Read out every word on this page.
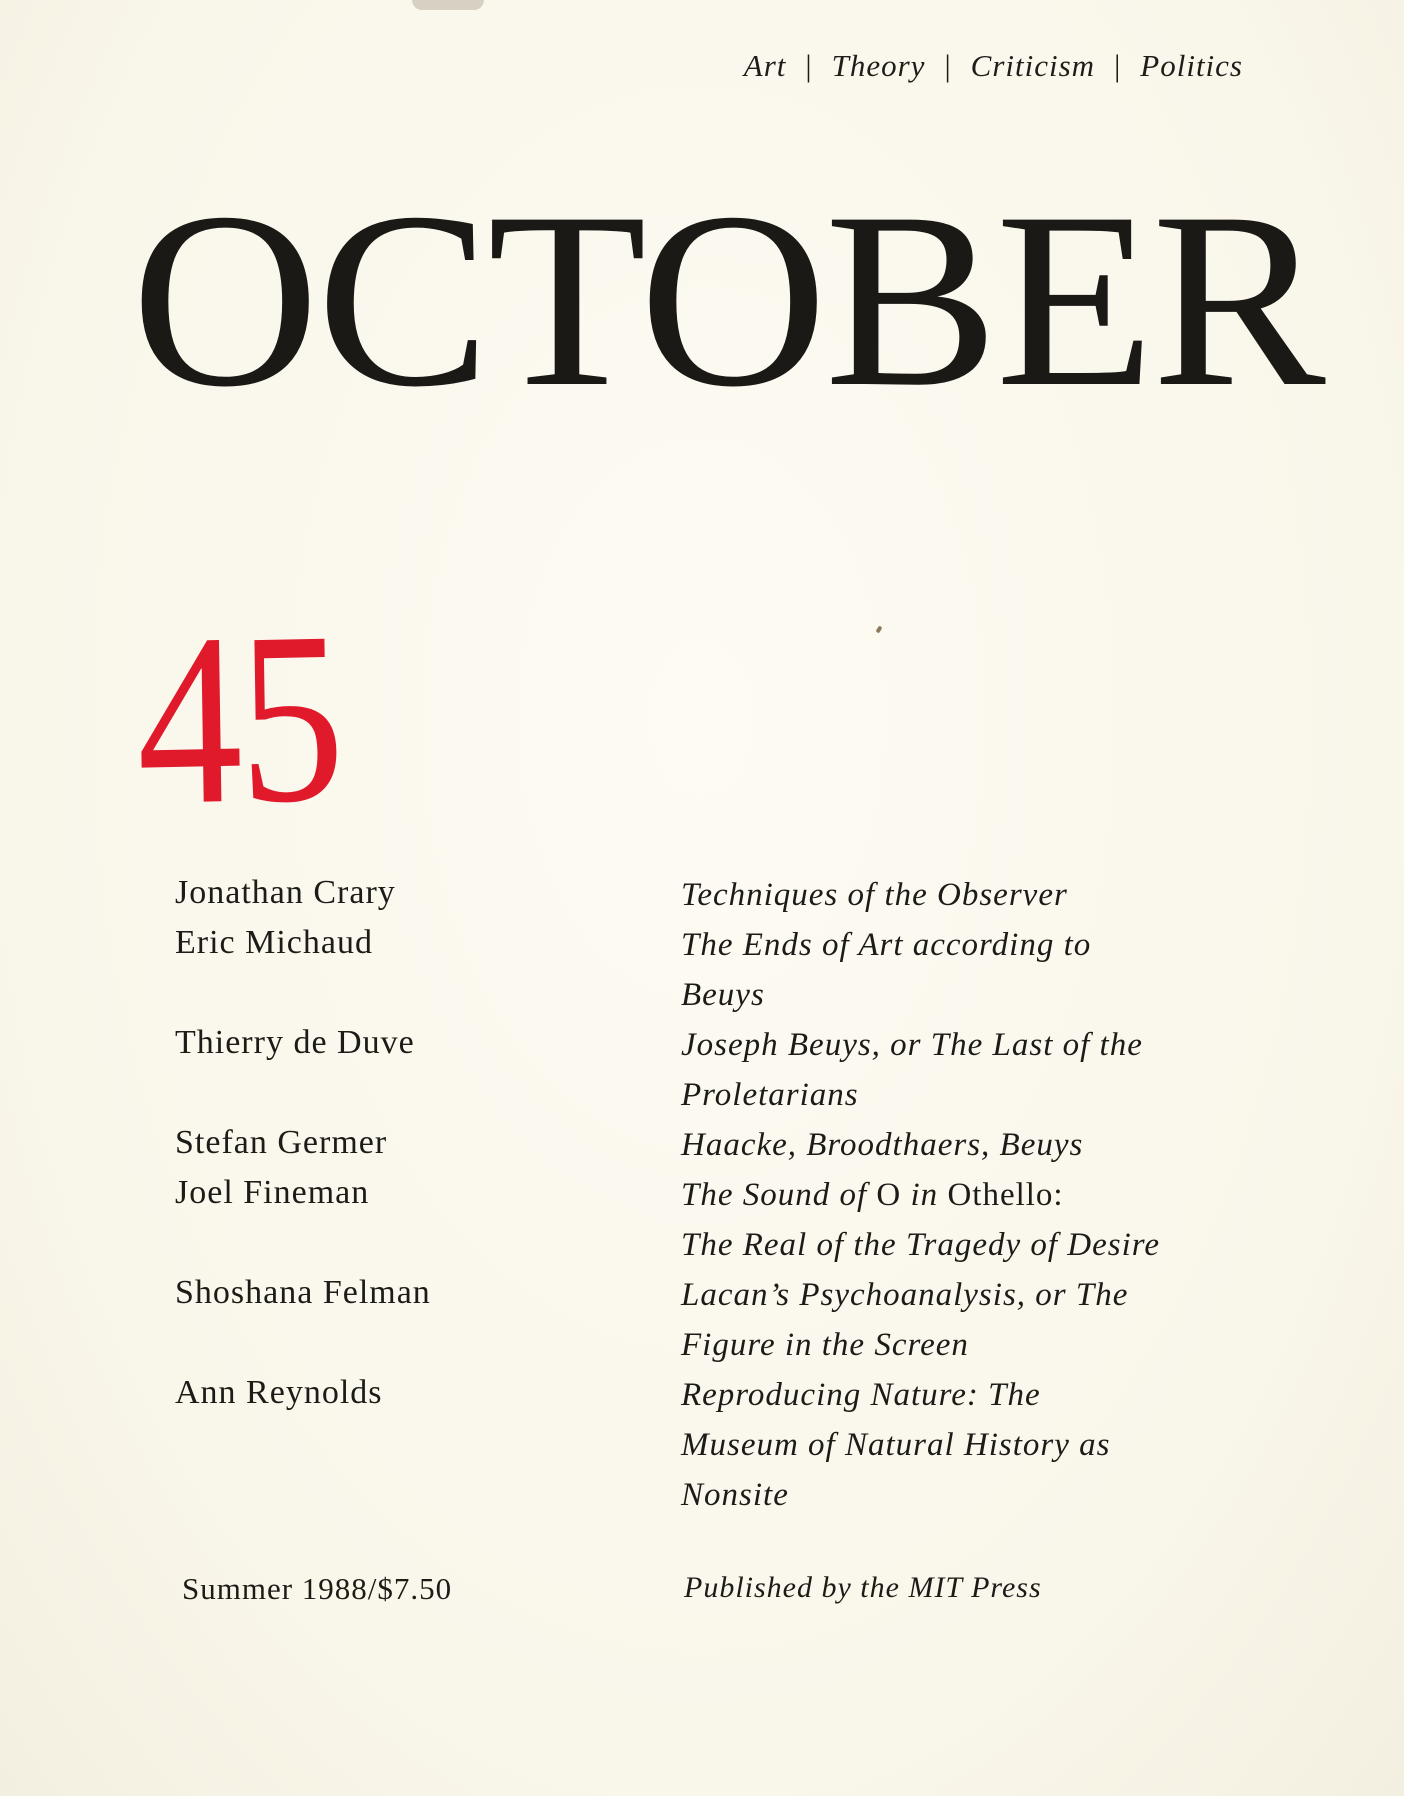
Art | Theory | Criticism | Politics
OCTOBER
45
Jonathan Crary	Techniques of the Observer
Eric Michaud	The Ends of Art according to
Beuys
Thierry de Duve	Joseph Beuys, or The Last of the
Proletarians
Stefan Germer	Haacke, Broodthaers, Beuys
Joel Fineman	The Sound of O in Othello:
The Real of the Tragedy of Desire
Shoshana Felman	Lacan’s Psychoanalysis, or The
Figure in the Screen
Ann Reynolds	Reproducing Nature: The
Museum of Natural History as
Nonsite
Summer 1988/$7.50	Published by the MIT Press
